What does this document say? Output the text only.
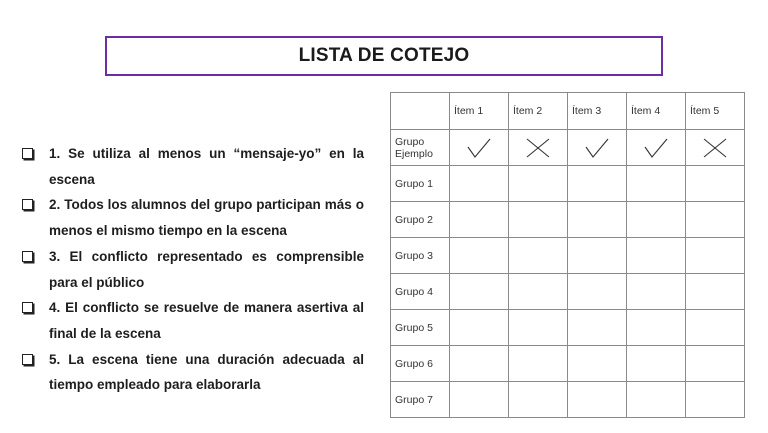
LISTA DE COTEJO
1. Se utiliza al menos un “mensaje-yo” en la escena
2. Todos los alumnos del grupo participan más o menos el mismo tiempo en la escena
3. El conflicto representado es comprensible para el público
4. El conflicto se resuelve de manera asertiva al final de la escena
5. La escena tiene una duración adecuada al tiempo empleado para elaborarla
	Ítem 1	Ítem 2	Ítem 3	Ítem 4	Ítem 5
Grupo Ejemplo	

Grupo 1					
Grupo 2					
Grupo 3					
Grupo 4					
Grupo 5					
Grupo 6					
Grupo 7					
